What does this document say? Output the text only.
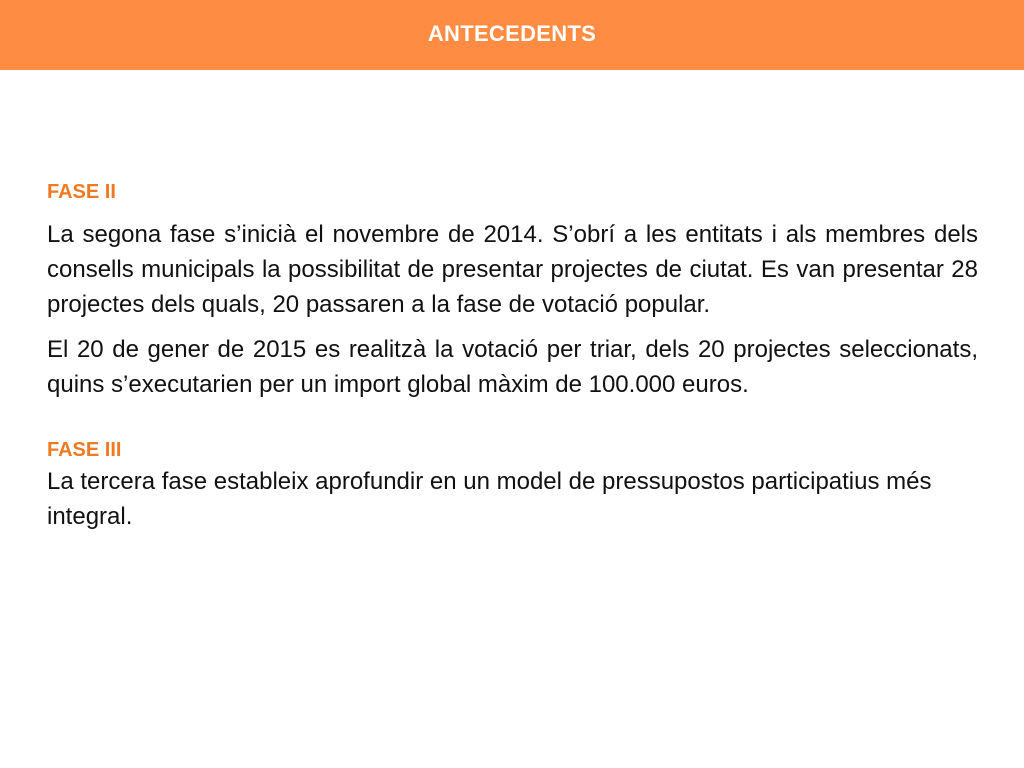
ANTECEDENTS

FASE II

La segona fase s’inicià el novembre de 2014. S’obrí a les entitats i als membres dels consells municipals la possibilitat de presentar projectes de ciutat. Es van presentar 28 projectes dels quals, 20 passaren a la fase de votació popular.

El 20 de gener de 2015 es realitzà la votació per triar, dels 20 projectes seleccionats, quins s’executarien per un import global màxim de 100.000 euros.

FASE III

La tercera fase estableix aprofundir en un model de pressupostos participatius més integral.
